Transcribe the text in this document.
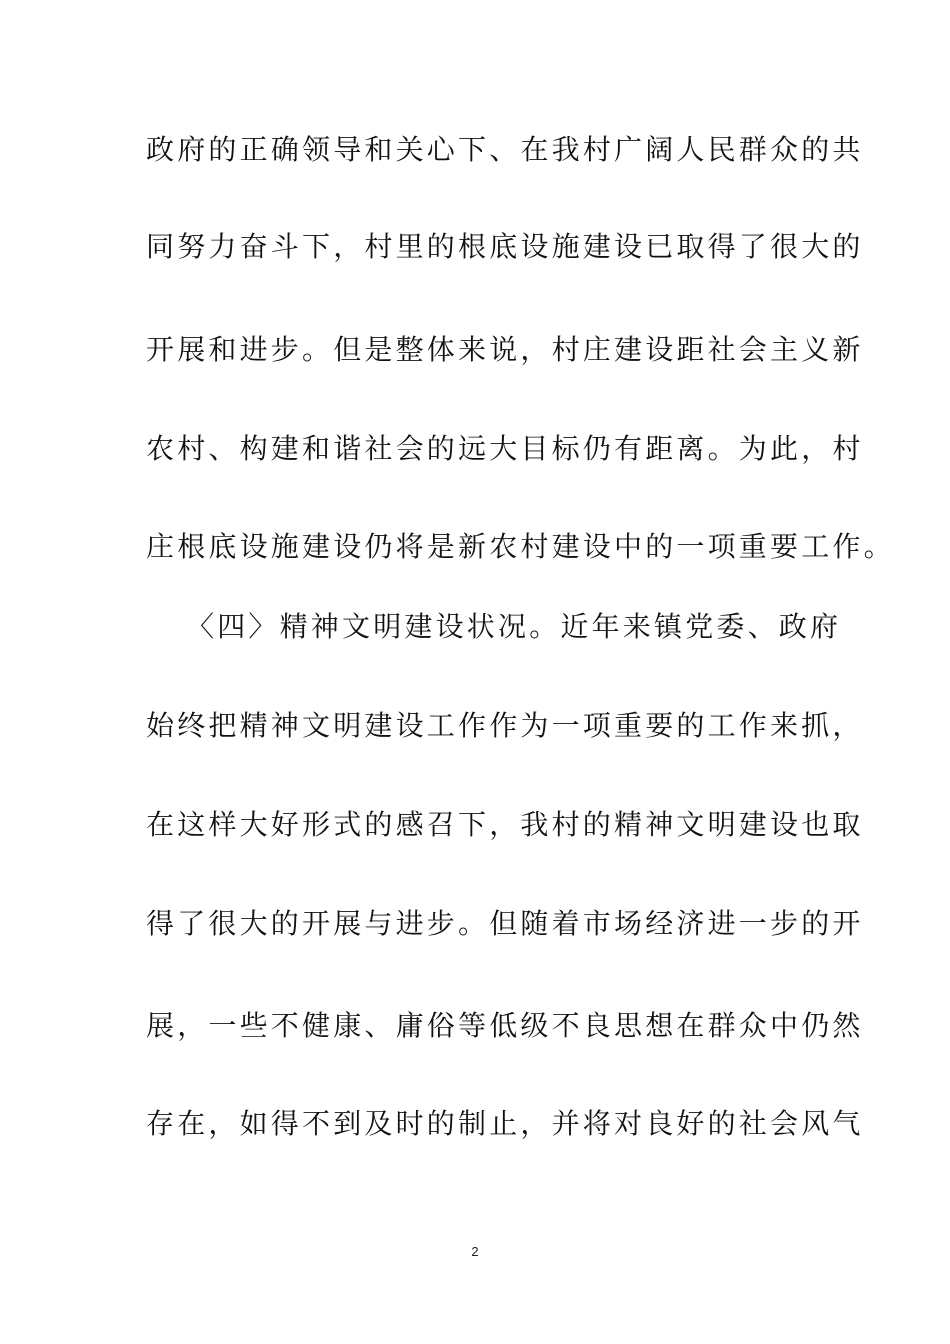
政府的正确领导和关心下、在我村广阔人民群众的共
同努力奋斗下，村里的根底设施建设已取得了很大的
开展和进步。但是整体来说，村庄建设距社会主义新
农村、构建和谐社会的远大目标仍有距离。为此，村
庄根底设施建设仍将是新农村建设中的一项重要工作。
〈四〉精神文明建设状况。近年来镇党委、政府
始终把精神文明建设工作作为一项重要的工作来抓，
在这样大好形式的感召下，我村的精神文明建设也取
得了很大的开展与进步。但随着市场经济进一步的开
展，一些不健康、庸俗等低级不良思想在群众中仍然
存在，如得不到及时的制止，并将对良好的社会风气
2
